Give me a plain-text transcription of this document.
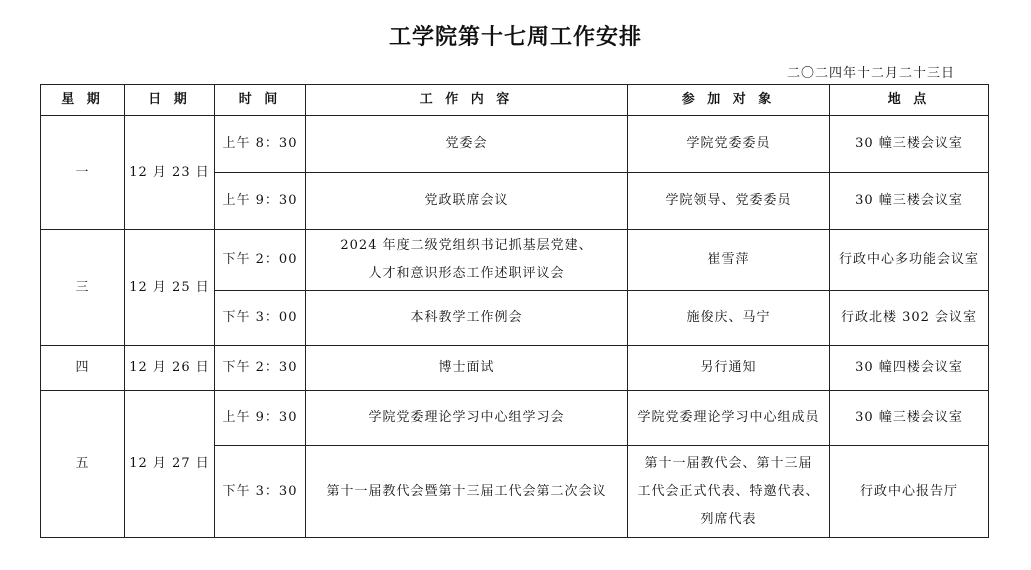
工学院第十七周工作安排
二〇二四年十二月二十三日
星 期	日 期	时 间	工 作 内 容	参 加 对 象	地 点
一	12 月 23 日	上午 8：30	党委会	学院党委委员	30 幢三楼会议室

		上午 9：30	党政联席会议	学院领导、党委委员	30 幢三楼会议室

三	12 月 25 日	下午 2：00	2024 年度二级党组织书记抓基层党建、
人才和意识形态工作述职评议会	崔雪萍	行政中心多功能会议室

		下午 3：00	本科教学工作例会	施俊庆、马宁	行政北楼 302 会议室

四	12 月 26 日	下午 2：30	博士面试	另行通知	30 幢四楼会议室

五	12 月 27 日	上午 9：30	学院党委理论学习中心组学习会	学院党委理论学习中心组成员	30 幢三楼会议室

		下午 3：30	第十一届教代会暨第十三届工代会第二次会议	第十一届教代会、第十三届
工代会正式代表、特邀代表、
列席代表	行政中心报告厅
